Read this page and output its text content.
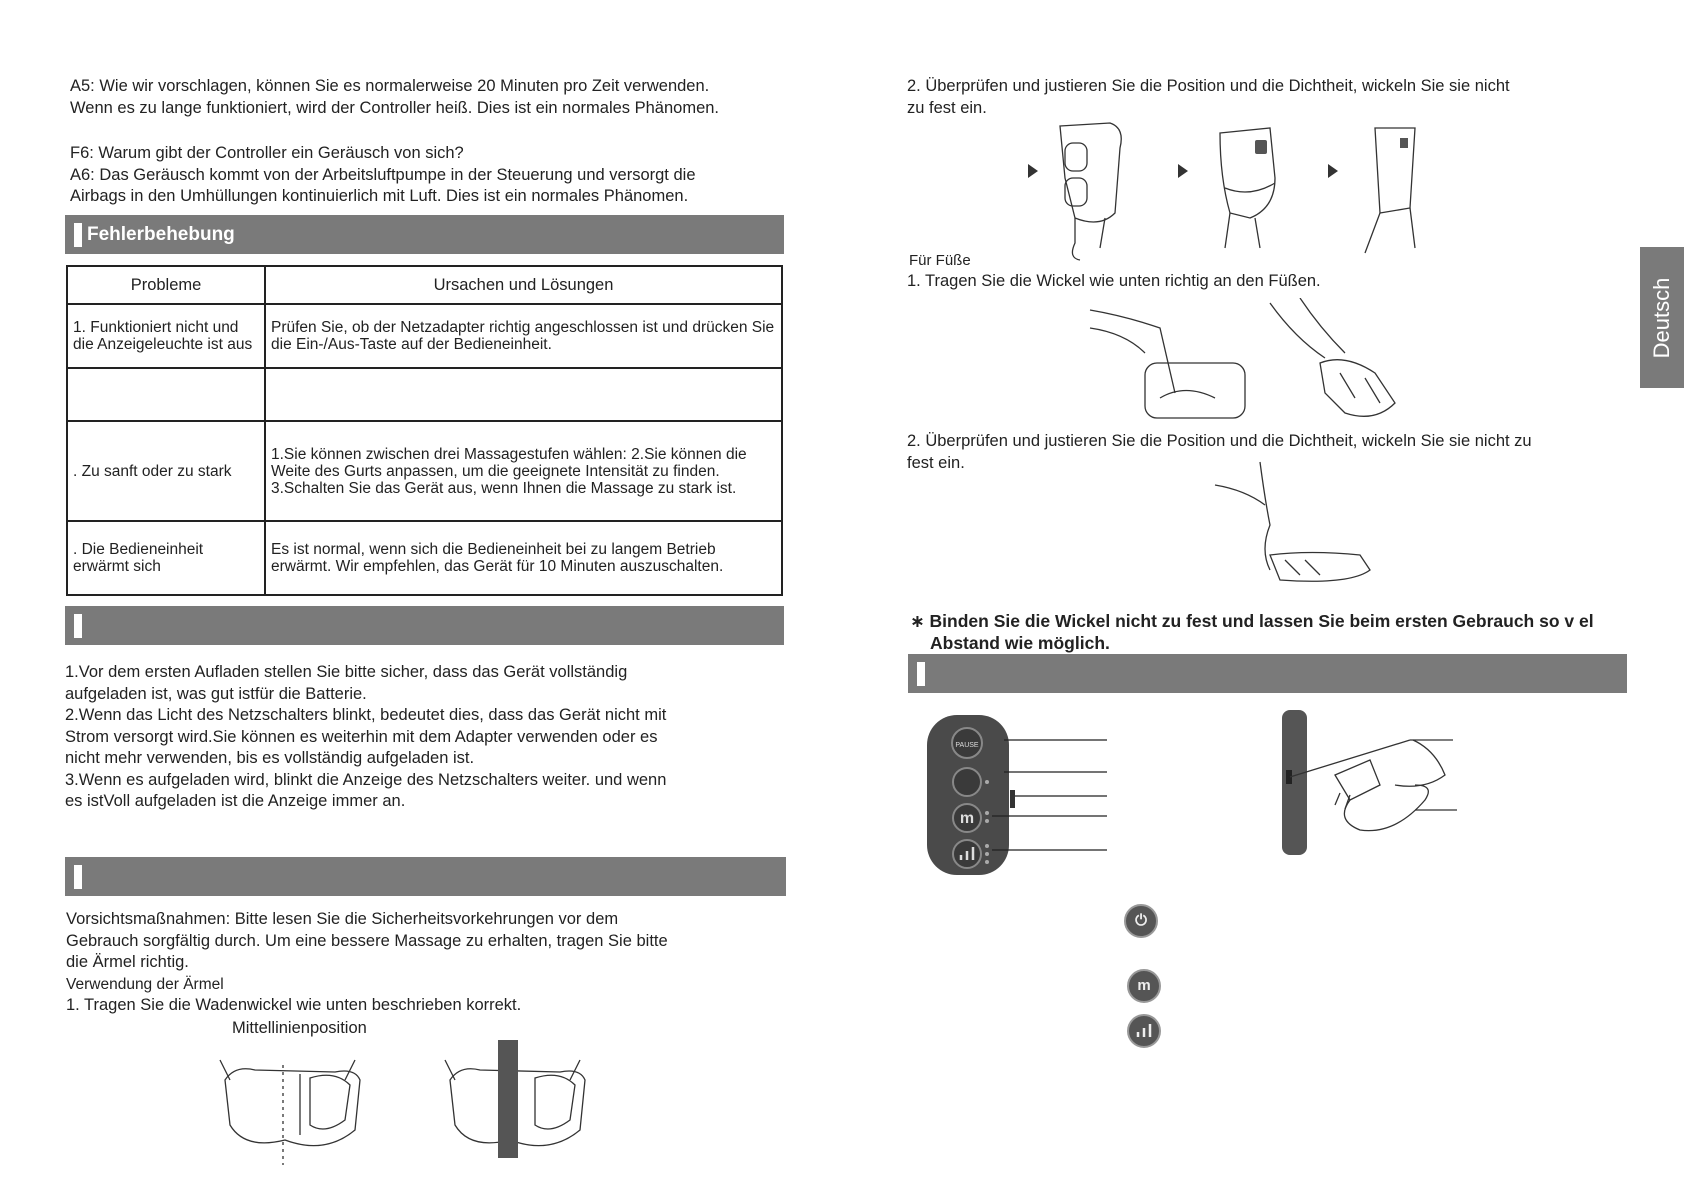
A5: Wie wir vorschlagen, können Sie es normalerweise 20 Minuten pro Zeit verwenden.
Wenn es zu lange funktioniert, wird der Controller heiß. Dies ist ein normales Phänomen.
F6: Warum gibt der Controller ein Geräusch von sich?
A6: Das Geräusch kommt von der Arbeitsluftpumpe in der Steuerung und versorgt die
Airbags in den Umhüllungen kontinuierlich mit Luft. Dies ist ein normales Phänomen.
Fehlerbehebung
Probleme	Ursachen und Lösungen
1. Funktioniert nicht und die Anzeigeleuchte ist aus	Prüfen Sie, ob der Netzadapter richtig angeschlossen ist und drücken Sie die Ein-/Aus-Taste auf der Bedieneinheit.

. Zu sanft oder zu stark	1.Sie können zwischen drei Massagestufen wählen: 2.Sie können die Weite des Gurts anpassen, um die geeignete Intensität zu finden. 3.Schalten Sie das Gerät aus, wenn Ihnen die Massage zu stark ist.
. Die Bedieneinheit erwärmt sich	Es ist normal, wenn sich die Bedieneinheit bei zu langem Betrieb erwärmt. Wir empfehlen, das Gerät für 10 Minuten auszuschalten.
1.Vor dem ersten Aufladen stellen Sie bitte sicher, dass das Gerät vollständig
aufgeladen ist, was gut istfür die Batterie.
2.Wenn das Licht des Netzschalters blinkt, bedeutet dies, dass das Gerät nicht mit
Strom versorgt wird.Sie können es weiterhin mit dem Adapter verwenden oder es
nicht mehr verwenden, bis es vollständig aufgeladen ist.
3.Wenn es aufgeladen wird, blinkt die Anzeige des Netzschalters weiter. und wenn
es istVoll aufgeladen ist die Anzeige immer an.
Vorsichtsmaßnahmen: Bitte lesen Sie die Sicherheitsvorkehrungen vor dem
Gebrauch sorgfältig durch. Um eine bessere Massage zu erhalten, tragen Sie bitte
die Ärmel richtig.
Verwendung der Ärmel
1. Tragen Sie die Wadenwickel wie unten beschrieben korrekt.
Mittellinienposition
2. Überprüfen und justieren Sie die Position und die Dichtheit, wickeln Sie sie nicht
zu fest ein.
Für Füße
1. Tragen Sie die Wickel wie unten richtig an den Füßen.
2. Überprüfen und justieren Sie die Position und die Dichtheit, wickeln Sie sie nicht zu
fest ein.
∗ Binden Sie die Wickel nicht zu fest und lassen Sie beim ersten Gebrauch so v el
Abstand wie möglich.
PAUSE
m
⏻
m
Deutsch
